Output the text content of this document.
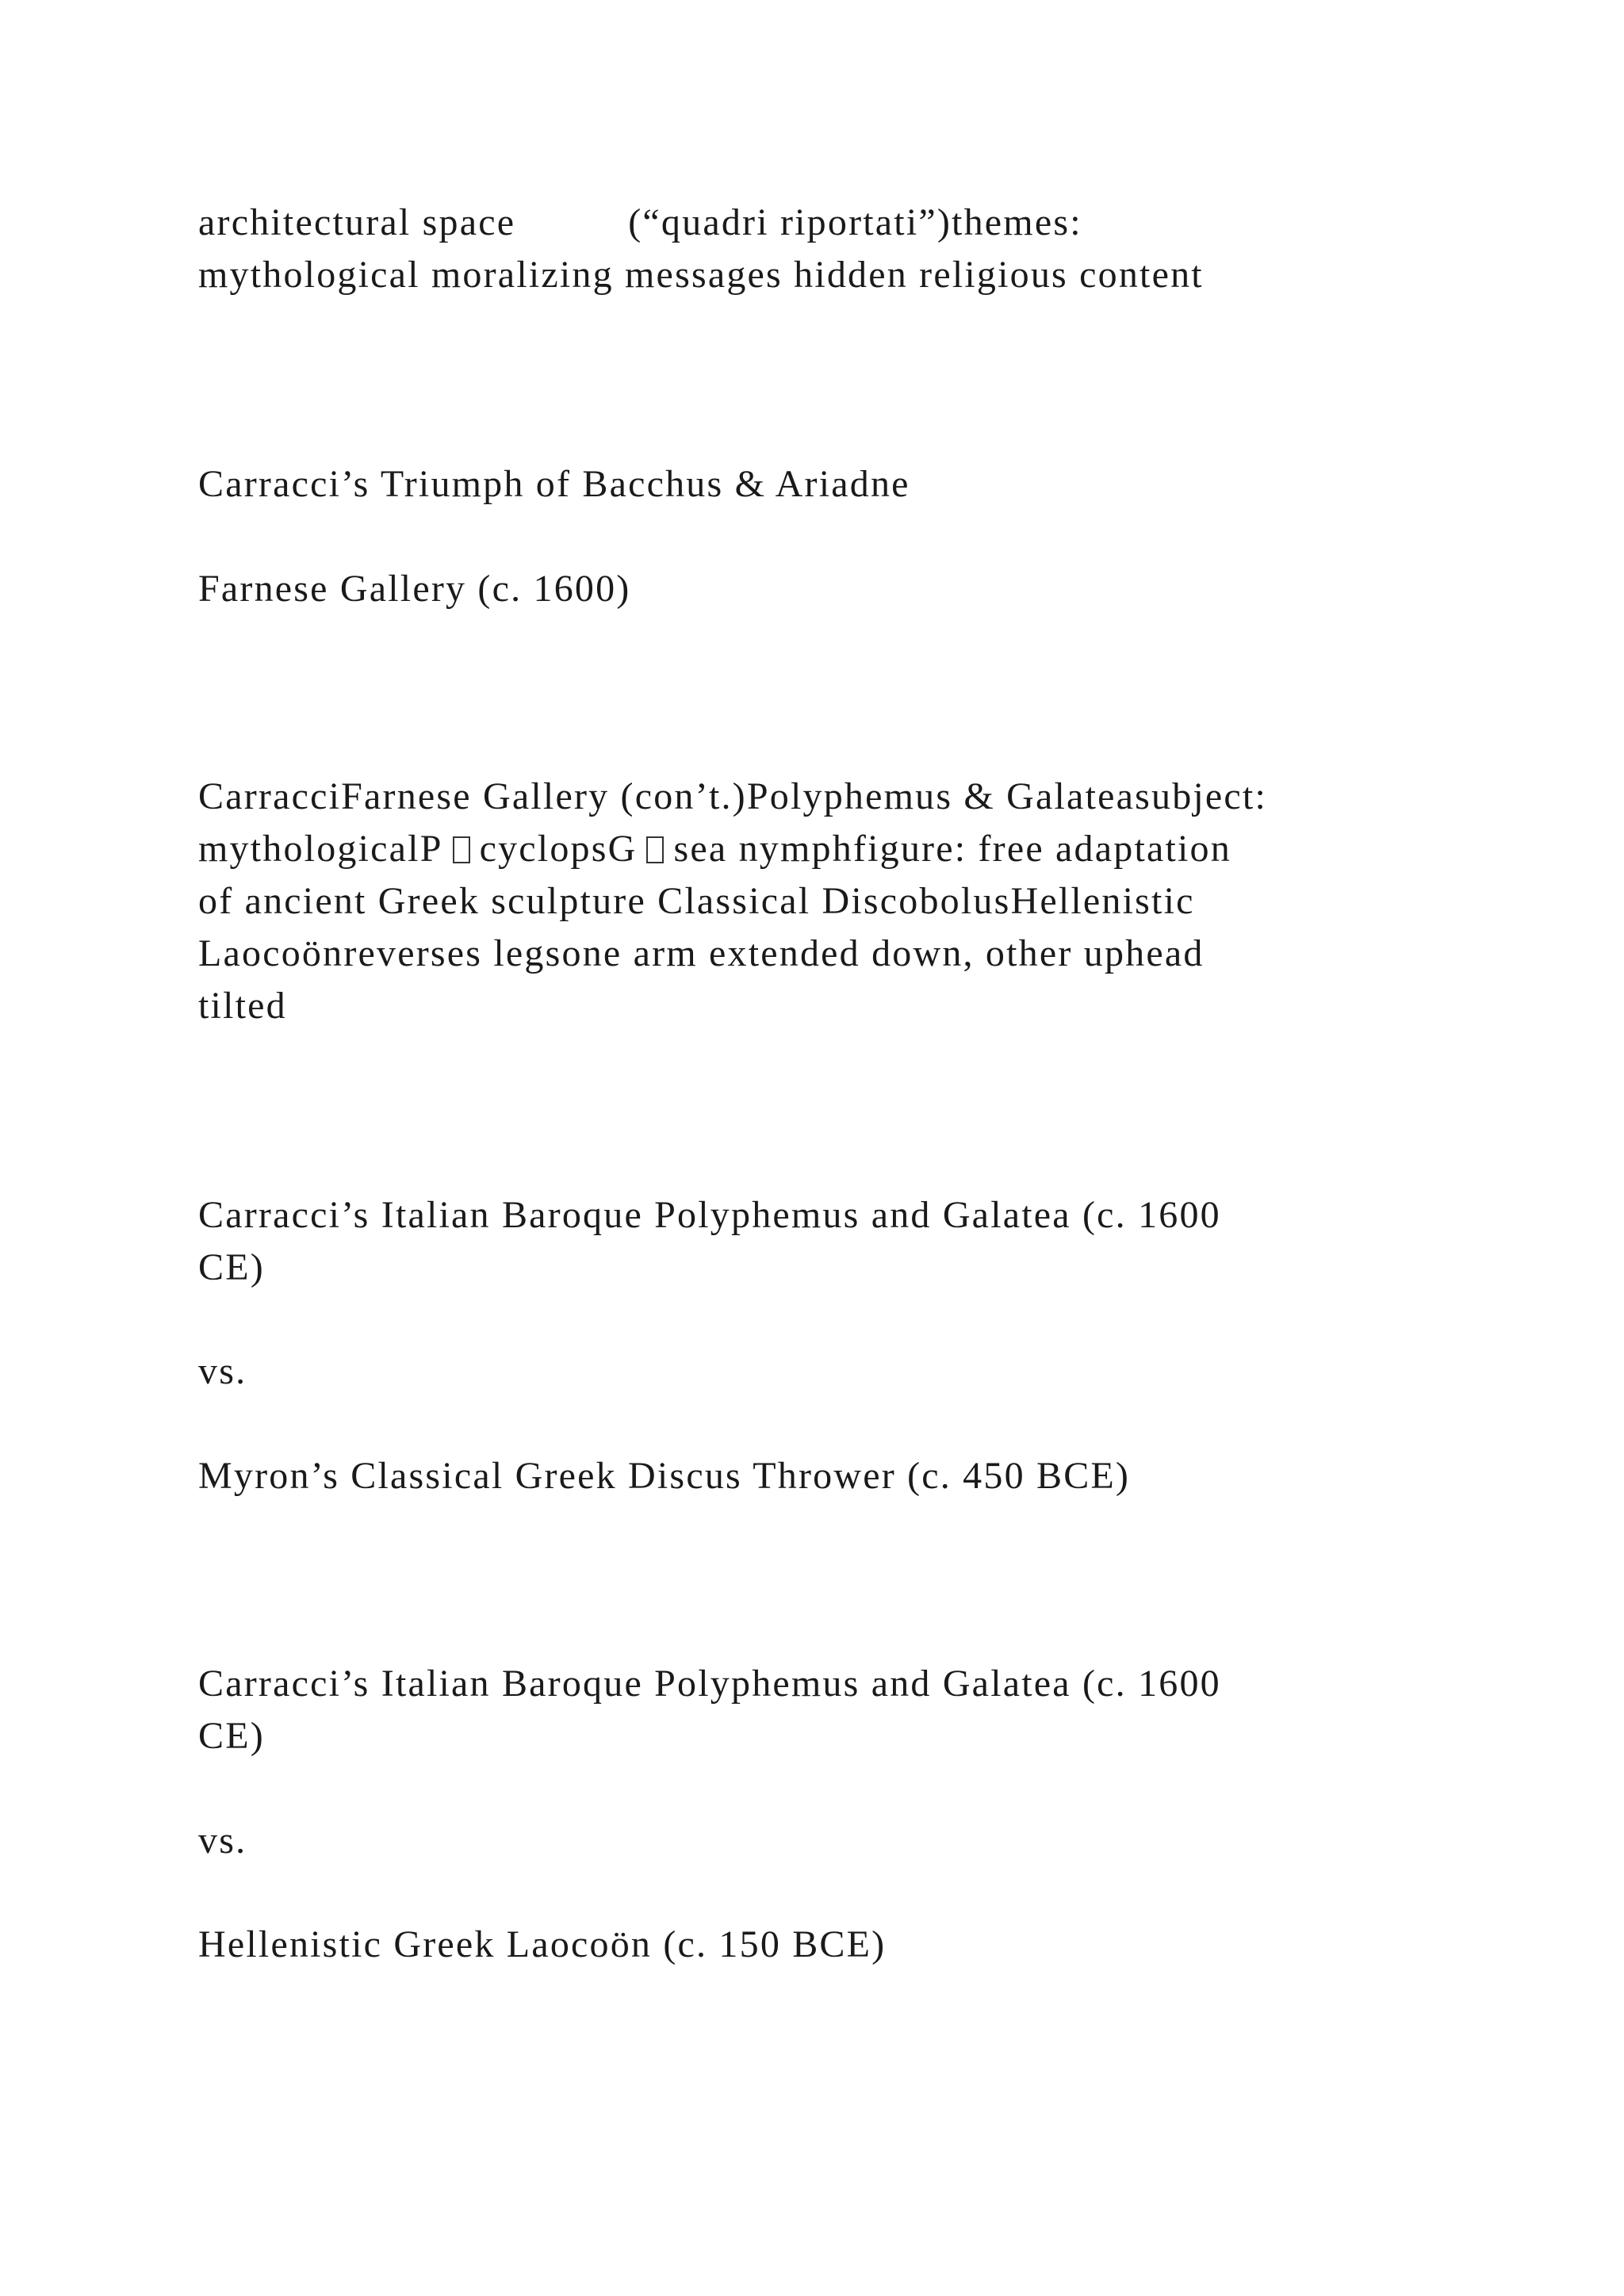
architectural space          (“quadri riportati”)themes:
mythological moralizing messages hidden religious content

Carracci’s Triumph of Bacchus & Ariadne

Farnese Gallery (c. 1600)

CarracciFarnese Gallery (con’t.)Polyphemus & Galateasubject:
mythologicalP cyclopsG sea nymphfigure: free adaptation
of ancient Greek sculpture Classical DiscobolusHellenistic
Laocoönreverses legsone arm extended down, other uphead
tilted

Carracci’s Italian Baroque Polyphemus and Galatea (c. 1600
CE)

vs.

Myron’s Classical Greek Discus Thrower (c. 450 BCE)

Carracci’s Italian Baroque Polyphemus and Galatea (c. 1600
CE)

vs.

Hellenistic Greek Laocoön (c. 150 BCE)
